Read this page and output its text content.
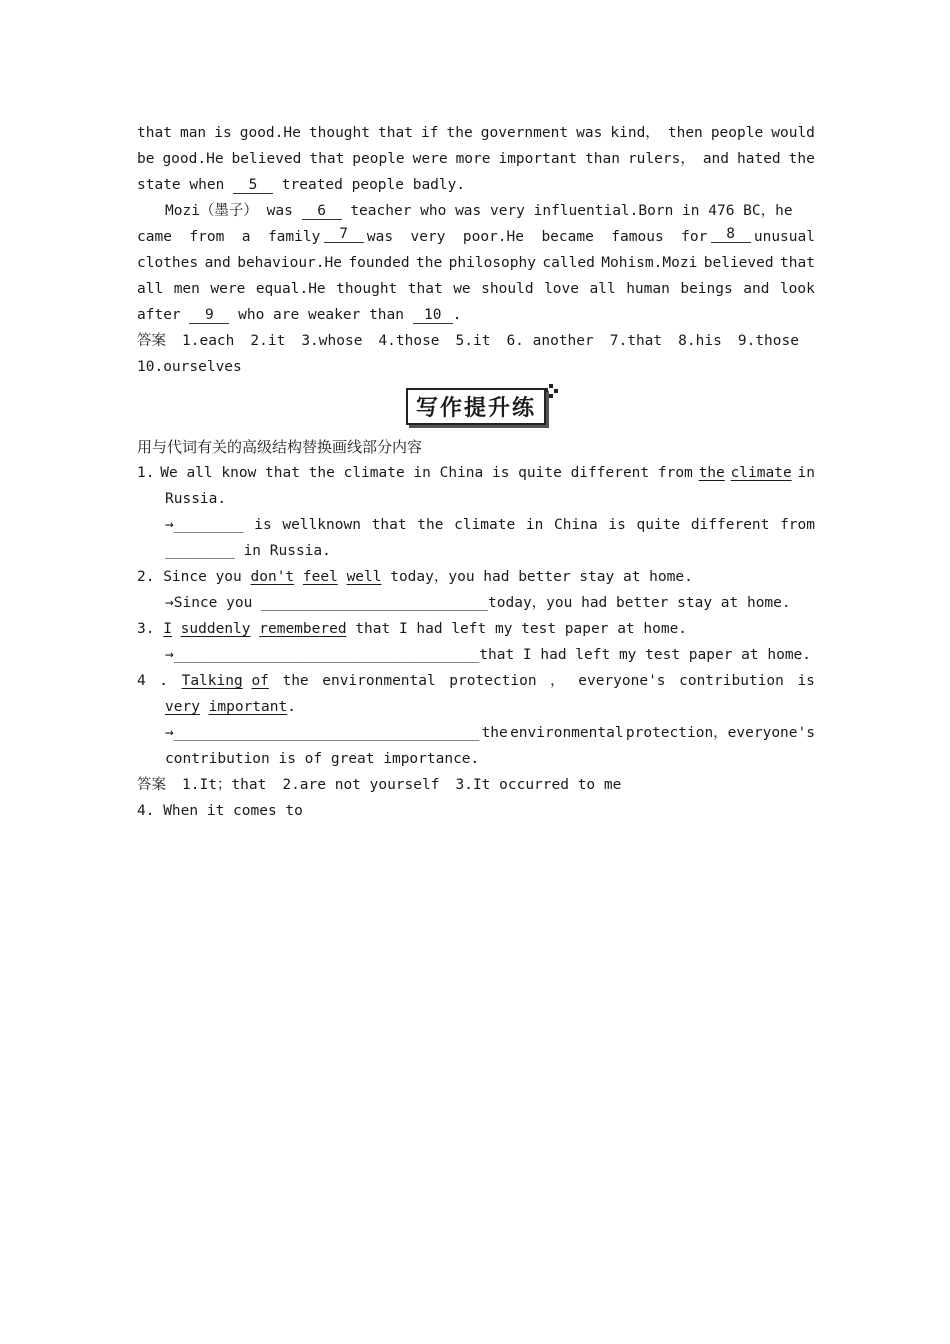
that man is good.He thought that if the government was kind， then people would
be good.He believed that people were more important than rulers， and hated the
state when 5 treated people badly.
Mozi（墨子） was 6 teacher who was very influential.Born in 476 BC，he
came  from  a  family	7	was  very  poor.He  became  famous  for	8	unusual
clothes and behaviour.He founded the philosophy called Mohism.Mozi believed that
all men were equal.He thought that we should love all human beings and look
after 9 who are weaker than 10 .
答案 1.each 2.it 3.whose 4.those 5.it 6. another 7.that 8.his 9.those
10.ourselves
写作提升练
用与代词有关的高级结构替换画线部分内容
1. We all know that the climate in China is quite different from the climate in
Russia.
→________ is wellknown that the climate in China is quite different from
________ in Russia.
2. Since you don't feel well today，you had better stay at home.
→Since you __________________________today，you had better stay at home.
3. I suddenly remembered that I had left my test paper at home.
→___________________________________that I had left my test paper at home.
4 . Talking of the environmental protection ， everyone's contribution is
very important.
→___________________________________ the environmental protection，everyone's
contribution is of great importance.
答案 1.It；that 2.are not yourself 3.It occurred to me
4. When it comes to
